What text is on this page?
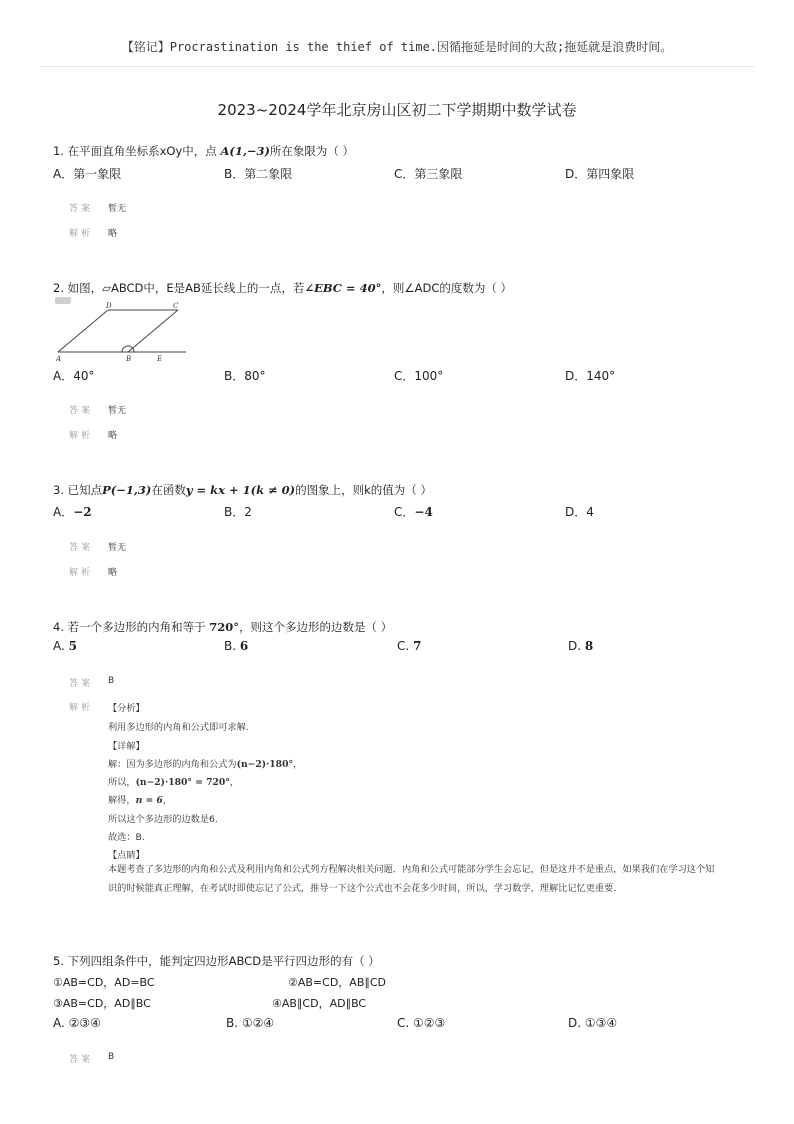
【铭记】Procrastination is the thief of time.因循拖延是时间的大敌;拖延就是浪费时间。
2023~2024学年北京房山区初二下学期期中数学试卷
1. 在平面直角坐标系xOy中，点 A(1,−3)所在象限为（ ）
A．第一象限	B．第二象限	C．第三象限	D．第四象限
答案 暂无
解析 略
2. 如图，▱ABCD中，E是AB延长线上的一点，若∠EBC = 40°，则∠ADC的度数为（ ）
D	C
A	B	E
A．40°	B．80°	C．100°	D．140°
答案 暂无
解析 略
3. 已知点P(−1,3)在函数y = kx + 1(k ≠ 0)的图象上，则k的值为（ ）
A．−2	B．2	C．−4	D．4
答案 暂无
解析 略
4. 若一个多边形的内角和等于 720°，则这个多边形的边数是（ ）
A. 5	B. 6	C. 7	D. 8
答案 B
解析 【分析】
利用多边形的内角和公式即可求解.
【详解】
解：因为多边形的内角和公式为(n−2)·180°，
所以，(n−2)·180° = 720°，
解得，n = 6，
所以这个多边形的边数是6.
故选：B.
【点睛】
本题考查了多边形的内角和公式及利用内角和公式列方程解决相关问题．内角和公式可能部分学生会忘记，但是这并不是重点，如果我们在学习这个知识的时候能真正理解，在考试时即使忘记了公式，推导一下这个公式也不会花多少时间，所以，学习数学，理解比记忆更重要.
5. 下列四组条件中，能判定四边形ABCD是平行四边形的有（ ）
①AB=CD，AD=BC	②AB=CD，AB∥CD
③AB=CD，AD∥BC	④AB∥CD，AD∥BC
A. ②③④	B. ①②④	C. ①②③	D. ①③④
答案 B
